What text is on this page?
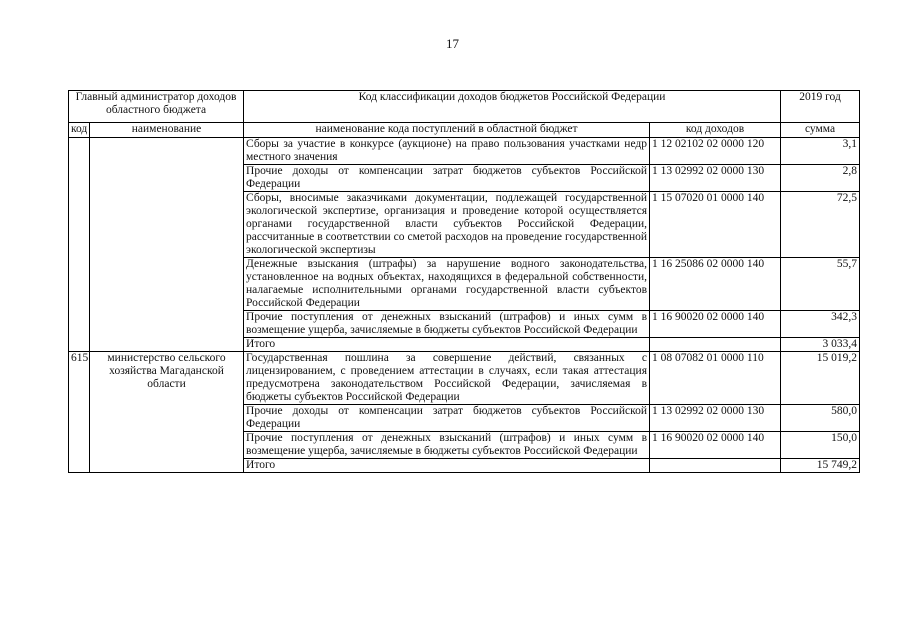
17
Главный администратор доходов областного бюджета		Код классификации доходов бюджетов Российской Федерации		2019 год
код	наименование	наименование кода поступлений в областной бюджет	код доходов	сумма
		Сборы за участие в конкурсе (аукционе) на право пользования участками недр местного значения	1 12 02102 02 0000 120	3,1
		Прочие доходы от компенсации затрат бюджетов субъектов Российской Федерации	1 13 02992 02 0000 130	2,8
		Сборы, вносимые заказчиками документации, подлежащей государственной экологической экспертизе, организация и проведение которой осуществляется органами государственной власти субъектов Российской Федерации, рассчитанные в соответствии со сметой расходов на проведение государственной экологической экспертизы	1 15 07020 01 0000 140	72,5
		Денежные взыскания (штрафы) за нарушение водного законодательства, установленное на водных объектах, находящихся в федеральной собственности, налагаемые исполнительными органами государственной власти субъектов Российской Федерации	1 16 25086 02 0000 140	55,7
		Прочие поступления от денежных взысканий (штрафов) и иных сумм в возмещение ущерба, зачисляемые в бюджеты субъектов Российской Федерации	1 16 90020 02 0000 140	342,3
		Итого		3 033,4
615	министерство сельского хозяйства Магаданской области	Государственная пошлина за совершение действий, связанных с лицензированием, с проведением аттестации в случаях, если такая аттестация предусмотрена законодательством Российской Федерации, зачисляемая в бюджеты субъектов Российской Федерации	1 08 07082 01 0000 110	15 019,2
		Прочие доходы от компенсации затрат бюджетов субъектов Российской Федерации	1 13 02992 02 0000 130	580,0
		Прочие поступления от денежных взысканий (штрафов) и иных сумм в возмещение ущерба, зачисляемые в бюджеты субъектов Российской Федерации	1 16 90020 02 0000 140	150,0
		Итого		15 749,2
